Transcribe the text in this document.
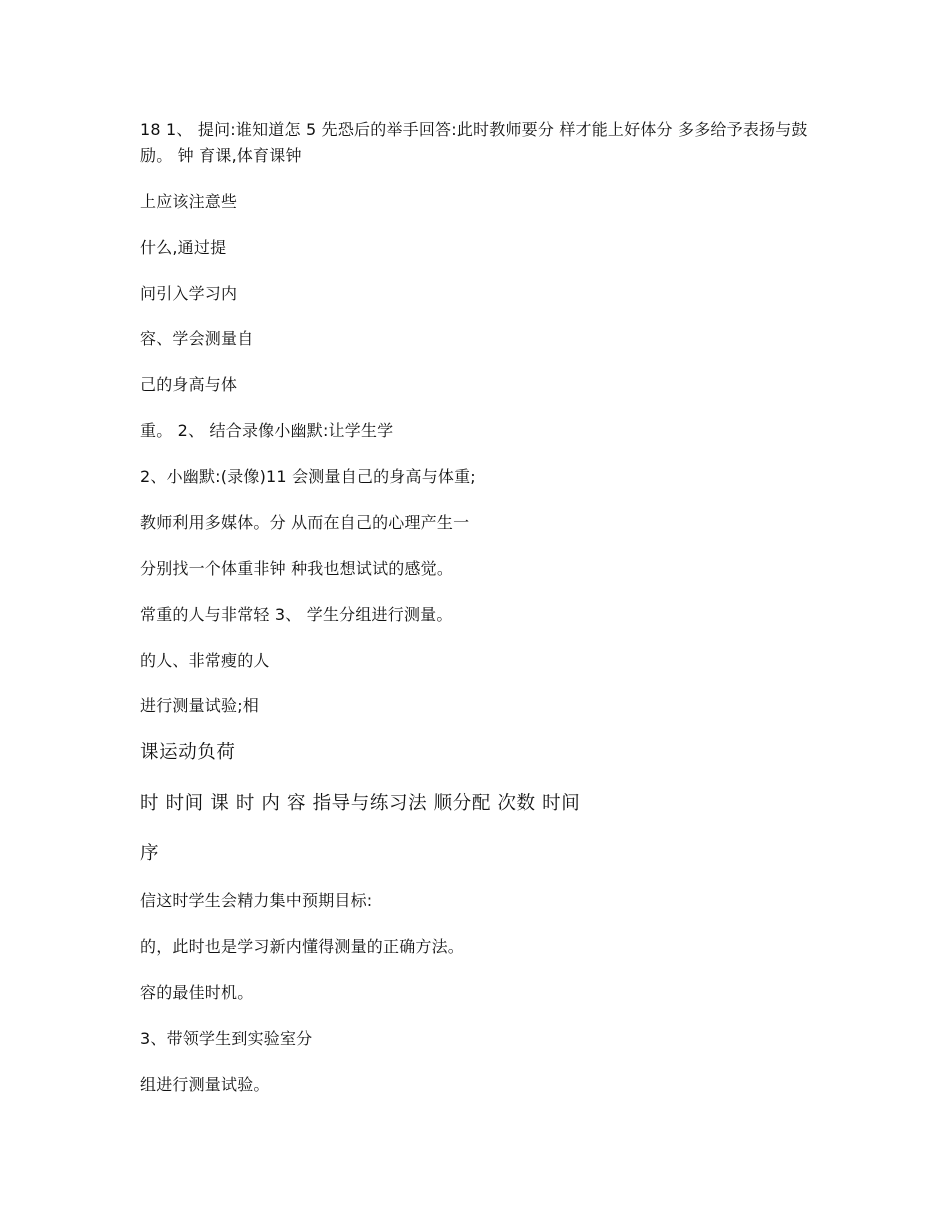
18 1、 提问:谁知道怎 5 先恐后的举手回答:此时教师要分 样才能上好体分 多多给予表扬与鼓励。 钟 育课,体育课钟
上应该注意些
什么,通过提
问引入学习内
容、学会测量自
己的身高与体
重。 2、 结合录像小幽默:让学生学
2、小幽默:(录像)11 会测量自己的身高与体重;
教师利用多媒体。分 从而在自己的心理产生一
分别找一个体重非钟 种我也想试试的感觉。
常重的人与非常轻 3、 学生分组进行测量。
的人、非常瘦的人
进行测量试验;相
课运动负荷
时 时间 课 时 内 容 指导与练习法 顺分配 次数 时间
序
信这时学生会精力集中预期目标:
的，此时也是学习新内懂得测量的正确方法。
容的最佳时机。
3、带领学生到实验室分
组进行测量试验。
